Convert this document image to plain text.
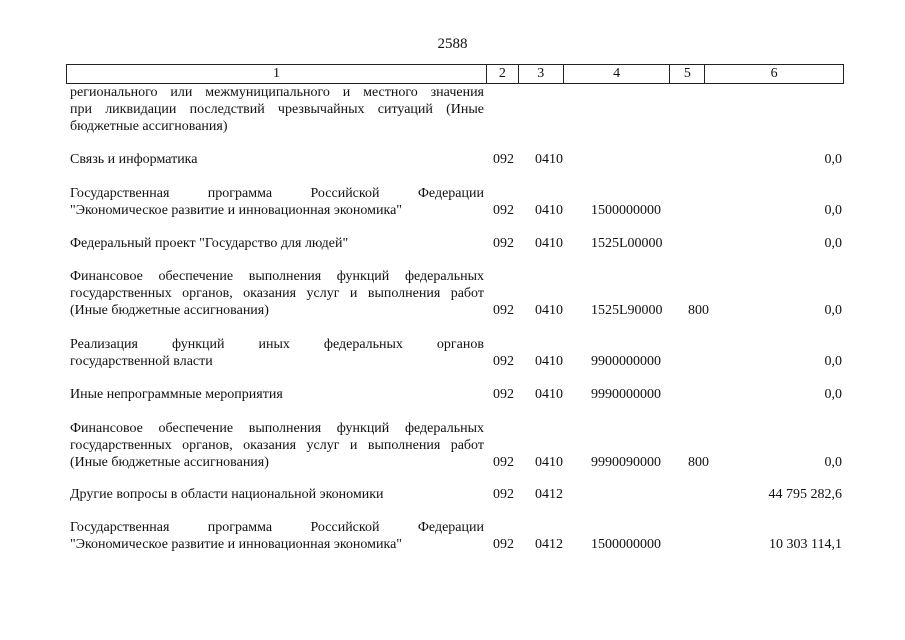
2588
1	2	3	4	5	6
регионального или межмуниципального и местного значения
при ликвидации последствий чрезвычайных ситуаций (Иные
бюджетные ассигнования)
Связь и информатика	092 0410	0,0
Государственная программа Российской Федерации
"Экономическое развитие и инновационная экономика"	092 0410 1500000000	0,0
Федеральный проект "Государство для людей"	092 0410 1525L00000	0,0
Финансовое обеспечение выполнения функций федеральных
государственных органов, оказания услуг и выполнения работ
(Иные бюджетные ассигнования)	092 0410 1525L90000 800	0,0
Реализация функций иных федеральных органов
государственной власти	092 0410 9900000000	0,0
Иные непрограммные мероприятия	092 0410 9990000000	0,0
Финансовое обеспечение выполнения функций федеральных
государственных органов, оказания услуг и выполнения работ
(Иные бюджетные ассигнования)	092 0410 9990090000 800	0,0
Другие вопросы в области национальной экономики	092 0412	44 795 282,6
Государственная программа Российской Федерации
"Экономическое развитие и инновационная экономика"	092 0412 1500000000	10 303 114,1
